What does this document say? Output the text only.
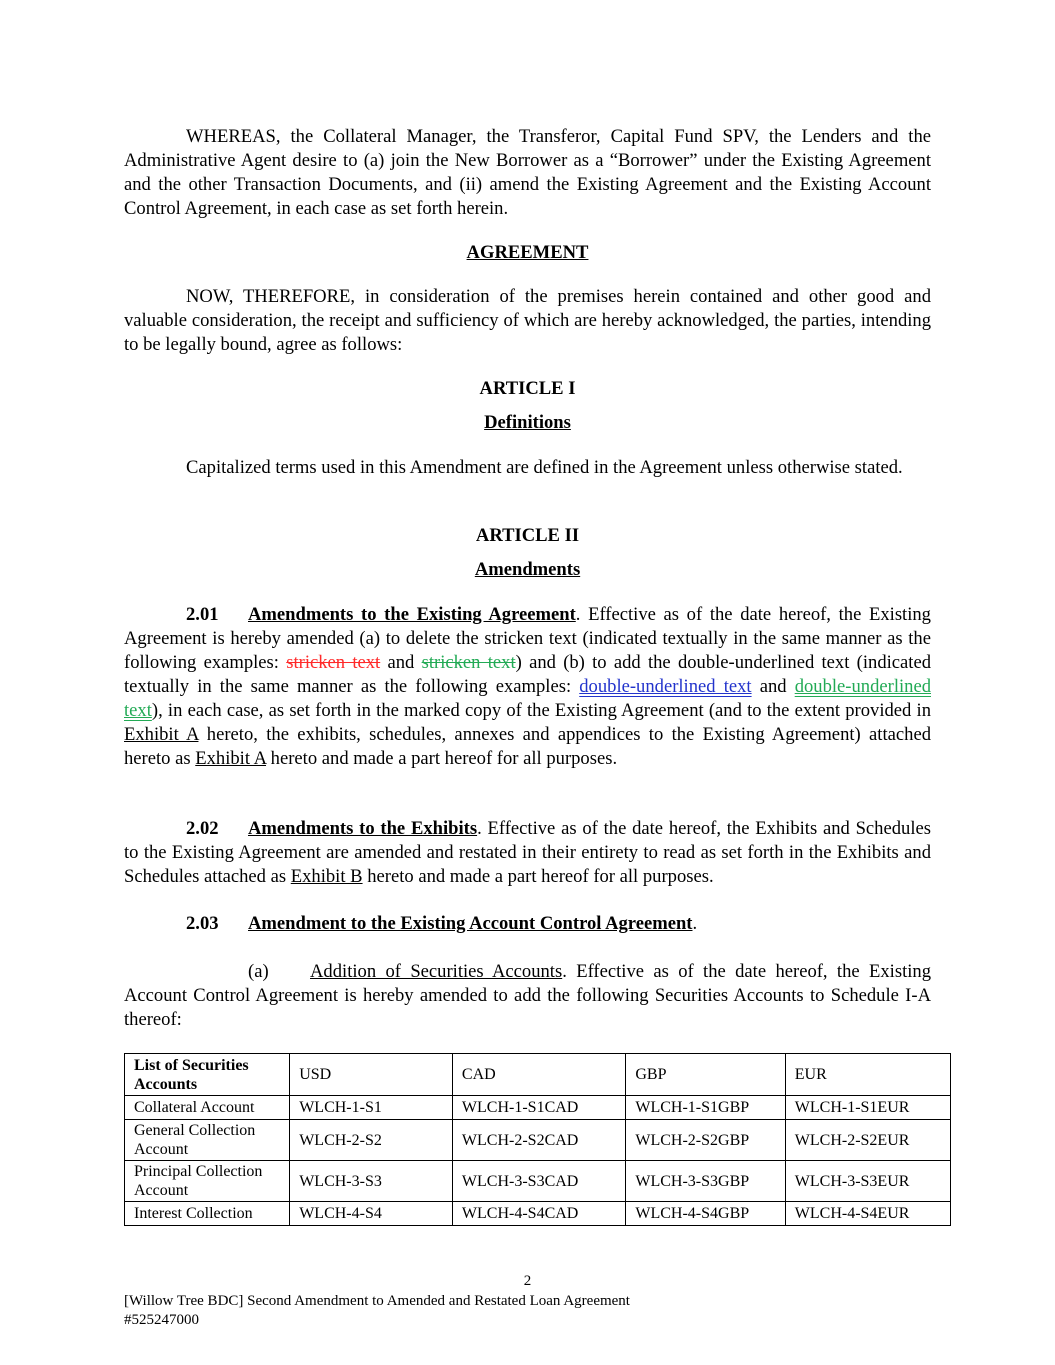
WHEREAS, the Collateral Manager, the Transferor, Capital Fund SPV, the Lenders and the Administrative Agent desire to (a) join the New Borrower as a “Borrower” under the Existing Agreement and the other Transaction Documents, and (ii) amend the Existing Agreement and the Existing Account Control Agreement, in each case as set forth herein.

AGREEMENT

NOW, THEREFORE, in consideration of the premises herein contained and other good and valuable consideration, the receipt and sufficiency of which are hereby acknowledged, the parties, intending to be legally bound, agree as follows:

ARTICLE I

Definitions

Capitalized terms used in this Amendment are defined in the Agreement unless otherwise stated.

ARTICLE II

Amendments

2.01 Amendments to the Existing Agreement. Effective as of the date hereof, the Existing Agreement is hereby amended (a) to delete the stricken text (indicated textually in the same manner as the following examples: stricken text and stricken text) and (b) to add the double-underlined text (indicated textually in the same manner as the following examples: double-underlined text and double-underlined text), in each case, as set forth in the marked copy of the Existing Agreement (and to the extent provided in Exhibit A hereto, the exhibits, schedules, annexes and appendices to the Existing Agreement) attached hereto as Exhibit A hereto and made a part hereof for all purposes.

2.02 Amendments to the Exhibits. Effective as of the date hereof, the Exhibits and Schedules to the Existing Agreement are amended and restated in their entirety to read as set forth in the Exhibits and Schedules attached as Exhibit B hereto and made a part hereof for all purposes.

2.03 Amendment to the Existing Account Control Agreement.

(a) Addition of Securities Accounts. Effective as of the date hereof, the Existing Account Control Agreement is hereby amended to add the following Securities Accounts to Schedule I-A thereof:

List of Securities Accounts	USD	CAD	GBP	EUR
Collateral Account	WLCH-1-S1	WLCH-1-S1CAD	WLCH-1-S1GBP	WLCH-1-S1EUR
General Collection Account	WLCH-2-S2	WLCH-2-S2CAD	WLCH-2-S2GBP	WLCH-2-S2EUR
Principal Collection Account	WLCH-3-S3	WLCH-3-S3CAD	WLCH-3-S3GBP	WLCH-3-S3EUR
Interest Collection	WLCH-4-S4	WLCH-4-S4CAD	WLCH-4-S4GBP	WLCH-4-S4EUR
2
[Willow Tree BDC] Second Amendment to Amended and Restated Loan Agreement
#525247000
